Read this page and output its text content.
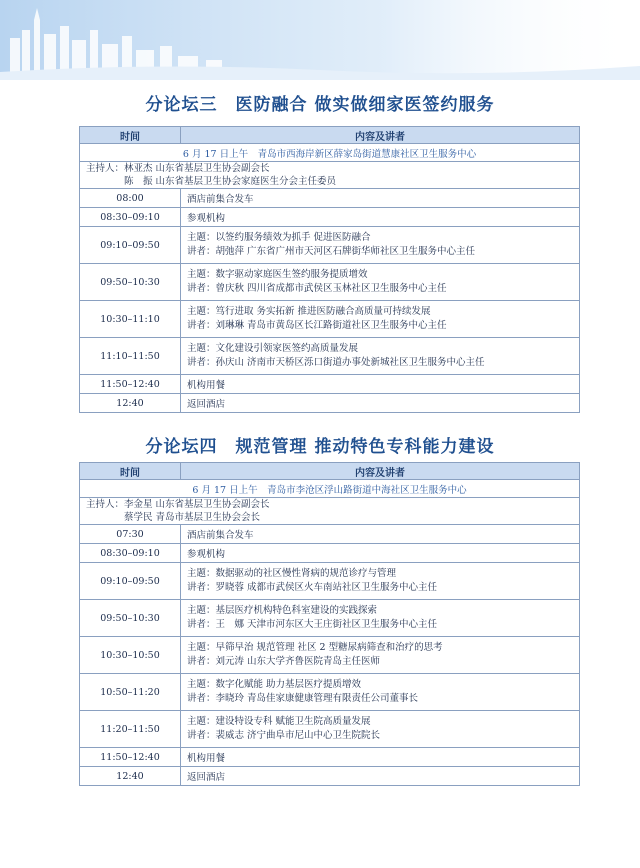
分论坛三　医防融合 做实做细家医签约服务
时间	内容及讲者
6 月 17 日上午　青岛市西海岸新区薛家岛街道慧康社区卫生服务中心	

主持人：林亚杰 山东省基层卫生协会副会长
陈　振 山东省基层卫生协会家庭医生分会主任委员	

08:00	酒店前集合发车
08:30–09:10	参观机构
09:10–09:50	主题：以签约服务绩效为抓手 促进医防融合
讲者：胡弛萍 广东省广州市天河区石牌街华师社区卫生服务中心主任

09:50–10:30	主题：数字驱动家庭医生签约服务提质增效
讲者：曾庆秋 四川省成都市武侯区玉林社区卫生服务中心主任

10:30–11:10	主题：笃行进取 务实拓新 推进医防融合高质量可持续发展
讲者：刘琳琳 青岛市黄岛区长江路街道社区卫生服务中心主任

11:10–11:50	主题：文化建设引领家医签约高质量发展
讲者：孙庆山 济南市天桥区泺口街道办事处新城社区卫生服务中心主任

11:50–12:40	机构用餐
12:40	返回酒店
分论坛四　规范管理 推动特色专科能力建设
时间	内容及讲者
6 月 17 日上午　青岛市李沧区浮山路街道中海社区卫生服务中心	

主持人：李金星 山东省基层卫生协会副会长
蔡学民 青岛市基层卫生协会会长	

07:30	酒店前集合发车
08:30–09:10	参观机构
09:10–09:50	主题：数据驱动的社区慢性肾病的规范诊疗与管理
讲者：罗晓蓉 成都市武侯区火车南站社区卫生服务中心主任

09:50–10:30	主题：基层医疗机构特色科室建设的实践探索
讲者：王　娜 天津市河东区大王庄街社区卫生服务中心主任

10:30–10:50	主题：早筛早治 规范管理 社区 2 型糖尿病筛查和治疗的思考
讲者：刘元涛 山东大学齐鲁医院青岛主任医师

10:50–11:20	主题：数字化赋能 助力基层医疗提质增效
讲者：李晓玲 青岛佳家康健康管理有限责任公司董事长

11:20–11:50	主题：建设特设专科 赋能卫生院高质量发展
讲者：裴威志 济宁曲阜市尼山中心卫生院院长

11:50–12:40	机构用餐
12:40	返回酒店
